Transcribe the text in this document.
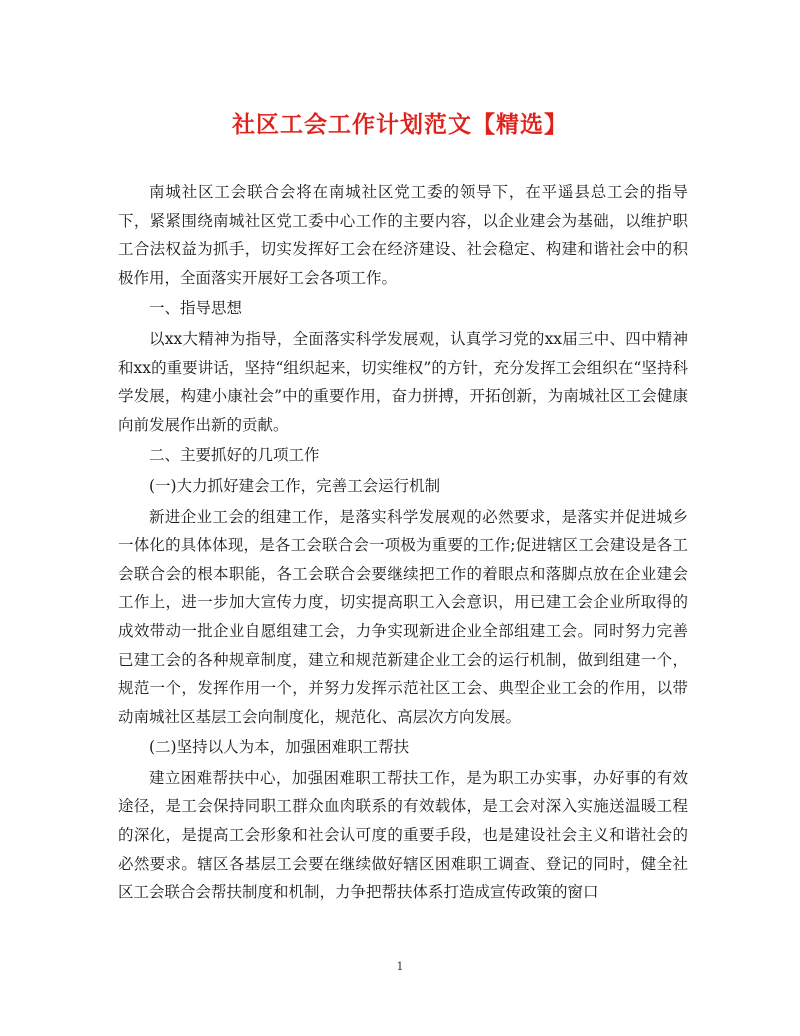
社区工会工作计划范文【精选】

南城社区工会联合会将在南城社区党工委的领导下，在平遥县总工会的指导下，紧紧围绕南城社区党工委中心工作的主要内容，以企业建会为基础，以维护职工合法权益为抓手，切实发挥好工会在经济建设、社会稳定、构建和谐社会中的积极作用，全面落实开展好工会各项工作。

一、指导思想

以xx大精神为指导，全面落实科学发展观，认真学习党的xx届三中、四中精神和xx的重要讲话，坚持“组织起来，切实维权”的方针，充分发挥工会组织在“坚持科学发展，构建小康社会”中的重要作用，奋力拼搏，开拓创新，为南城社区工会健康向前发展作出新的贡献。

二、主要抓好的几项工作

(一)大力抓好建会工作，完善工会运行机制

新进企业工会的组建工作，是落实科学发展观的必然要求，是落实并促进城乡一体化的具体体现，是各工会联合会一项极为重要的工作;促进辖区工会建设是各工会联合会的根本职能，各工会联合会要继续把工作的着眼点和落脚点放在企业建会工作上，进一步加大宣传力度，切实提高职工入会意识，用已建工会企业所取得的成效带动一批企业自愿组建工会，力争实现新进企业全部组建工会。同时努力完善已建工会的各种规章制度，建立和规范新建企业工会的运行机制，做到组建一个，规范一个，发挥作用一个，并努力发挥示范社区工会、典型企业工会的作用，以带动南城社区基层工会向制度化，规范化、高层次方向发展。

(二)坚持以人为本，加强困难职工帮扶

建立困难帮扶中心，加强困难职工帮扶工作，是为职工办实事，办好事的有效途径，是工会保持同职工群众血肉联系的有效载体，是工会对深入实施送温暖工程的深化，是提高工会形象和社会认可度的重要手段，也是建设社会主义和谐社会的必然要求。辖区各基层工会要在继续做好辖区困难职工调查、登记的同时，健全社区工会联合会帮扶制度和机制，力争把帮扶体系打造成宣传政策的窗口

1
